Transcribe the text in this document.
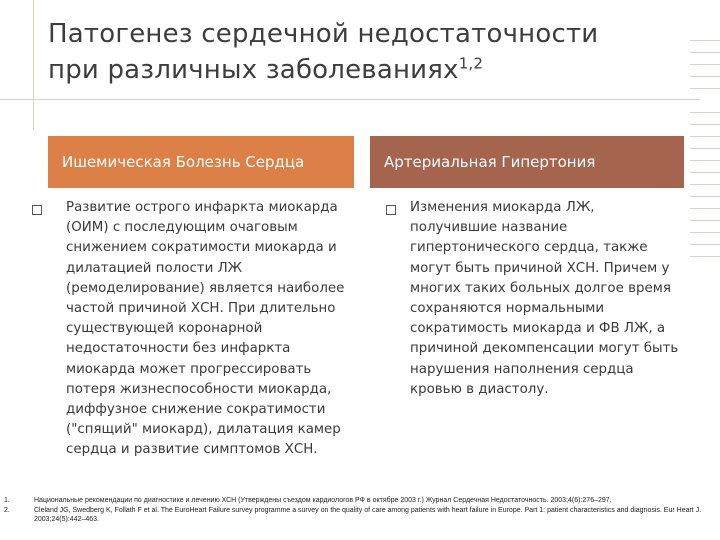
Патогенез сердечной недостаточности
при различных заболеваниях$^{1,2}$
Ишемическая Болезнь Сердца	Артериальная Гипертония
Развитие острого инфаркта миокарда (ОИМ) с последующим очаговым снижением сократимости миокарда и дилатацией полости ЛЖ (ремоделирование) является наиболее частой причиной ХСН. При длительно существующей коронарной недостаточности без инфаркта миокарда может прогрессировать потеря жизнеспособности миокарда, диффузное снижение сократимости ("спящий" миокард), дилатация камер сердца и развитие симптомов ХСН.
Изменения миокарда ЛЖ, получившие название гипертонического сердца, также могут быть причиной ХСН. Причем у многих таких больных долгое время сохраняются нормальными сократимость миокарда и ФВ ЛЖ, а причиной декомпенсации могут быть нарушения наполнения сердца кровью в диастолу.
1.	Национальные рекомендации по диагностике и лечению ХСН (Утверждены съездом кардиологов РФ в октябре 2003 г.) Журнал Сердечная Недостаточность. 2003;4(6):276–297.
2.	Cleland JG, Swedberg K, Follath F et al. The EuroHeart Failure survey programme a survey on the quality of care among patients with heart failure in Europe. Part 1: patient characteristics and diagnosis. Eur Heart J. 2003;24(5):442–463.
